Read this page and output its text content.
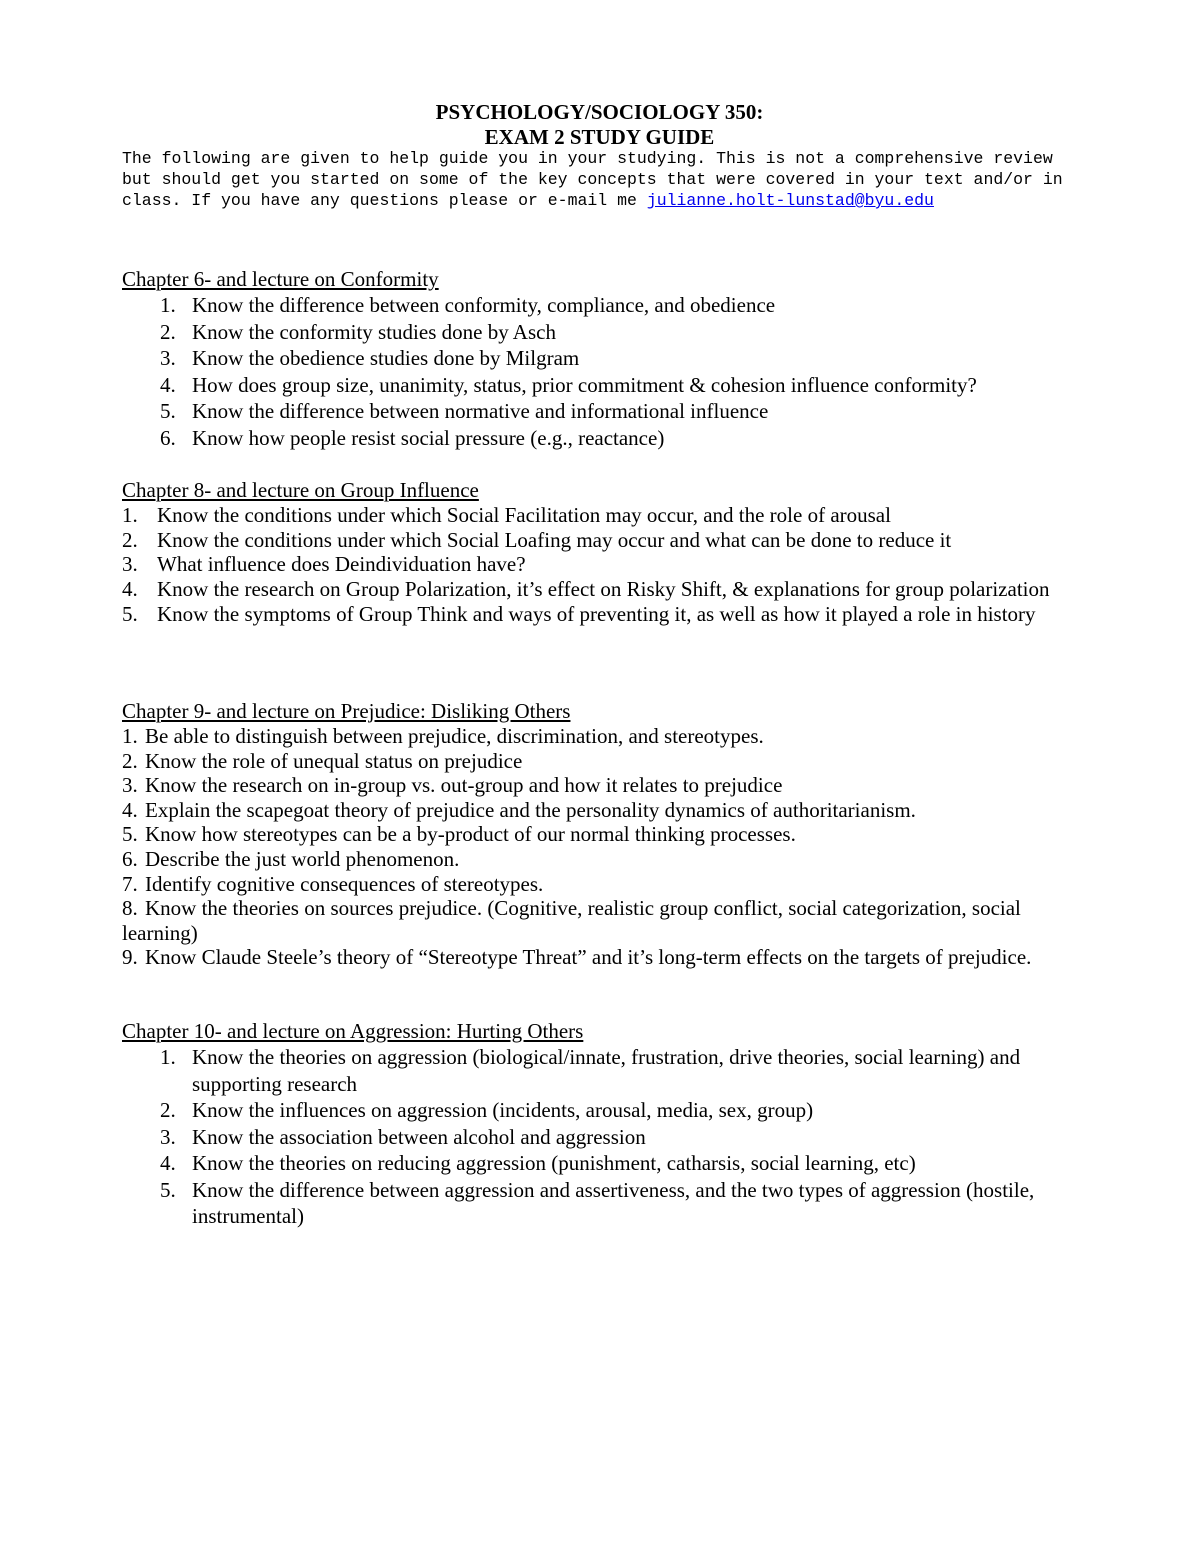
PSYCHOLOGY/SOCIOLOGY 350:
EXAM 2 STUDY GUIDE
The following are given to help guide you in your studying. This is not a comprehensive review but should get you started on some of the key concepts that were covered in your text and/or in class. If you have any questions please or e-mail me julianne.holt-lunstad@byu.edu
Chapter 6- and lecture on Conformity
1. Know the difference between conformity, compliance, and obedience
2. Know the conformity studies done by Asch
3. Know the obedience studies done by Milgram
4. How does group size, unanimity, status, prior commitment & cohesion influence conformity?
5. Know the difference between normative and informational influence
6. Know how people resist social pressure (e.g., reactance)
Chapter 8- and lecture on Group Influence
1. Know the conditions under which Social Facilitation may occur, and the role of arousal
2. Know the conditions under which Social Loafing may occur and what can be done to reduce it
3. What influence does Deindividuation have?
4. Know the research on Group Polarization, it’s effect on Risky Shift, & explanations for group polarization
5. Know the symptoms of Group Think and ways of preventing it, as well as how it played a role in history
Chapter 9- and lecture on Prejudice: Disliking Others
1. Be able to distinguish between prejudice, discrimination, and stereotypes.
2. Know the role of unequal status on prejudice
3. Know the research on in-group vs. out-group and how it relates to prejudice
4. Explain the scapegoat theory of prejudice and the personality dynamics of authoritarianism.
5. Know how stereotypes can be a by-product of our normal thinking processes.
6. Describe the just world phenomenon.
7. Identify cognitive consequences of stereotypes.
8. Know the theories on sources prejudice. (Cognitive, realistic group conflict, social categorization, social learning)
9. Know Claude Steele’s theory of “Stereotype Threat” and it’s long-term effects on the targets of prejudice.
Chapter 10- and lecture on Aggression: Hurting Others
1. Know the theories on aggression (biological/innate, frustration, drive theories, social learning) and supporting research
2. Know the influences on aggression (incidents, arousal, media, sex, group)
3. Know the association between alcohol and aggression
4. Know the theories on reducing aggression (punishment, catharsis, social learning, etc)
5. Know the difference between aggression and assertiveness, and the two types of aggression (hostile, instrumental)
